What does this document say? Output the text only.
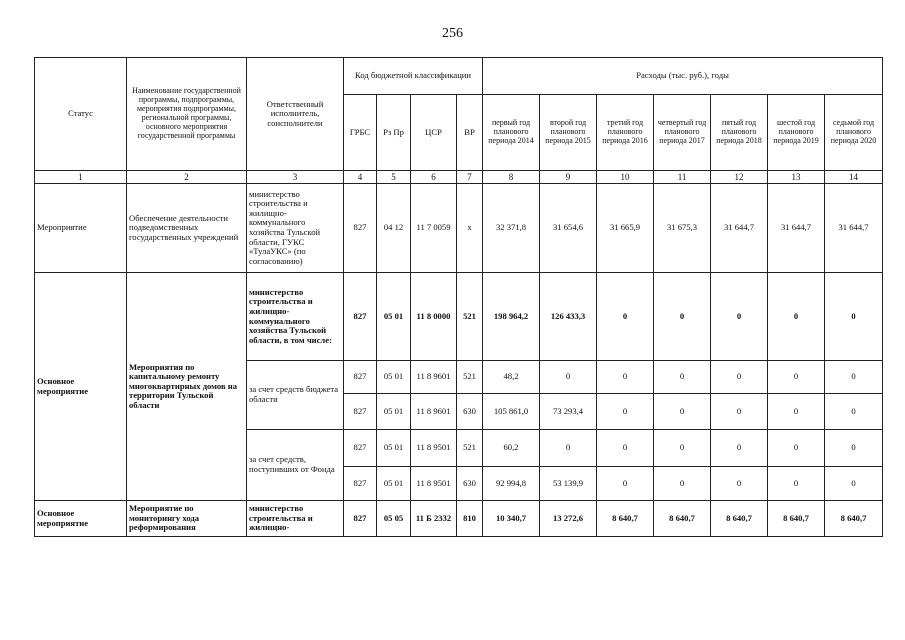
256
Статус	Наименование государственной программы, подпрограммы, мероприятия подпрограммы, региональной программы, основного мероприятия государственной программы	Ответственный исполнитель, соисполнители	Код бюджетной классификации				Расходы (тыс. руб.), годы						
			ГРБС	Рз Пр	ЦСР	ВР	первый год планового периода 2014	второй год планового периода 2015	третий год планового периода 2016	четвертый год планового периода 2017	пятый год планового периода 2018	шестой год планового периода 2019	седьмой год планового периода 2020
1	2	3	4	5	6	7	8	9	10	11	12	13	14
Мероприятие	Обеспечение деятельности подведомственных государственных учреждений	министерство строительства и жилищно-коммунального хозяйства Тульской области, ГУКС «ТулаУКС» (по согласованию)	827	04 12	11 7 0059	х	32 371,8	31 654,6	31 665,9	31 675,3	31 644,7	31 644,7	31 644,7
Основное мероприятие	Мероприятия по капитальному ремонту многоквартирных домов на территории Тульской области	министерство строительства и жилищно-коммунального хозяйства Тульской области, в том числе:	827	05 01	11 8 0000	521	198 964,2	126 433,3	0	0	0	0	0
		за счет средств бюджета области	827	05 01	11 8 9601	521	48,2	0	0	0	0	0	0
			827	05 01	11 8 9601	630	105 861,0	73 293,4	0	0	0	0	0
		за счет средств, поступивших от Фонда	827	05 01	11 8 9501	521	60,2	0	0	0	0	0	0
			827	05 01	11 8 9501	630	92 994,8	53 139,9	0	0	0	0	0
Основное мероприятие	Мероприятие по мониторингу хода реформирования	министерство строительства и жилищно-	827	05 05	11 Б 2332	810	10 340,7	13 272,6	8 640,7	8 640,7	8 640,7	8 640,7	8 640,7
